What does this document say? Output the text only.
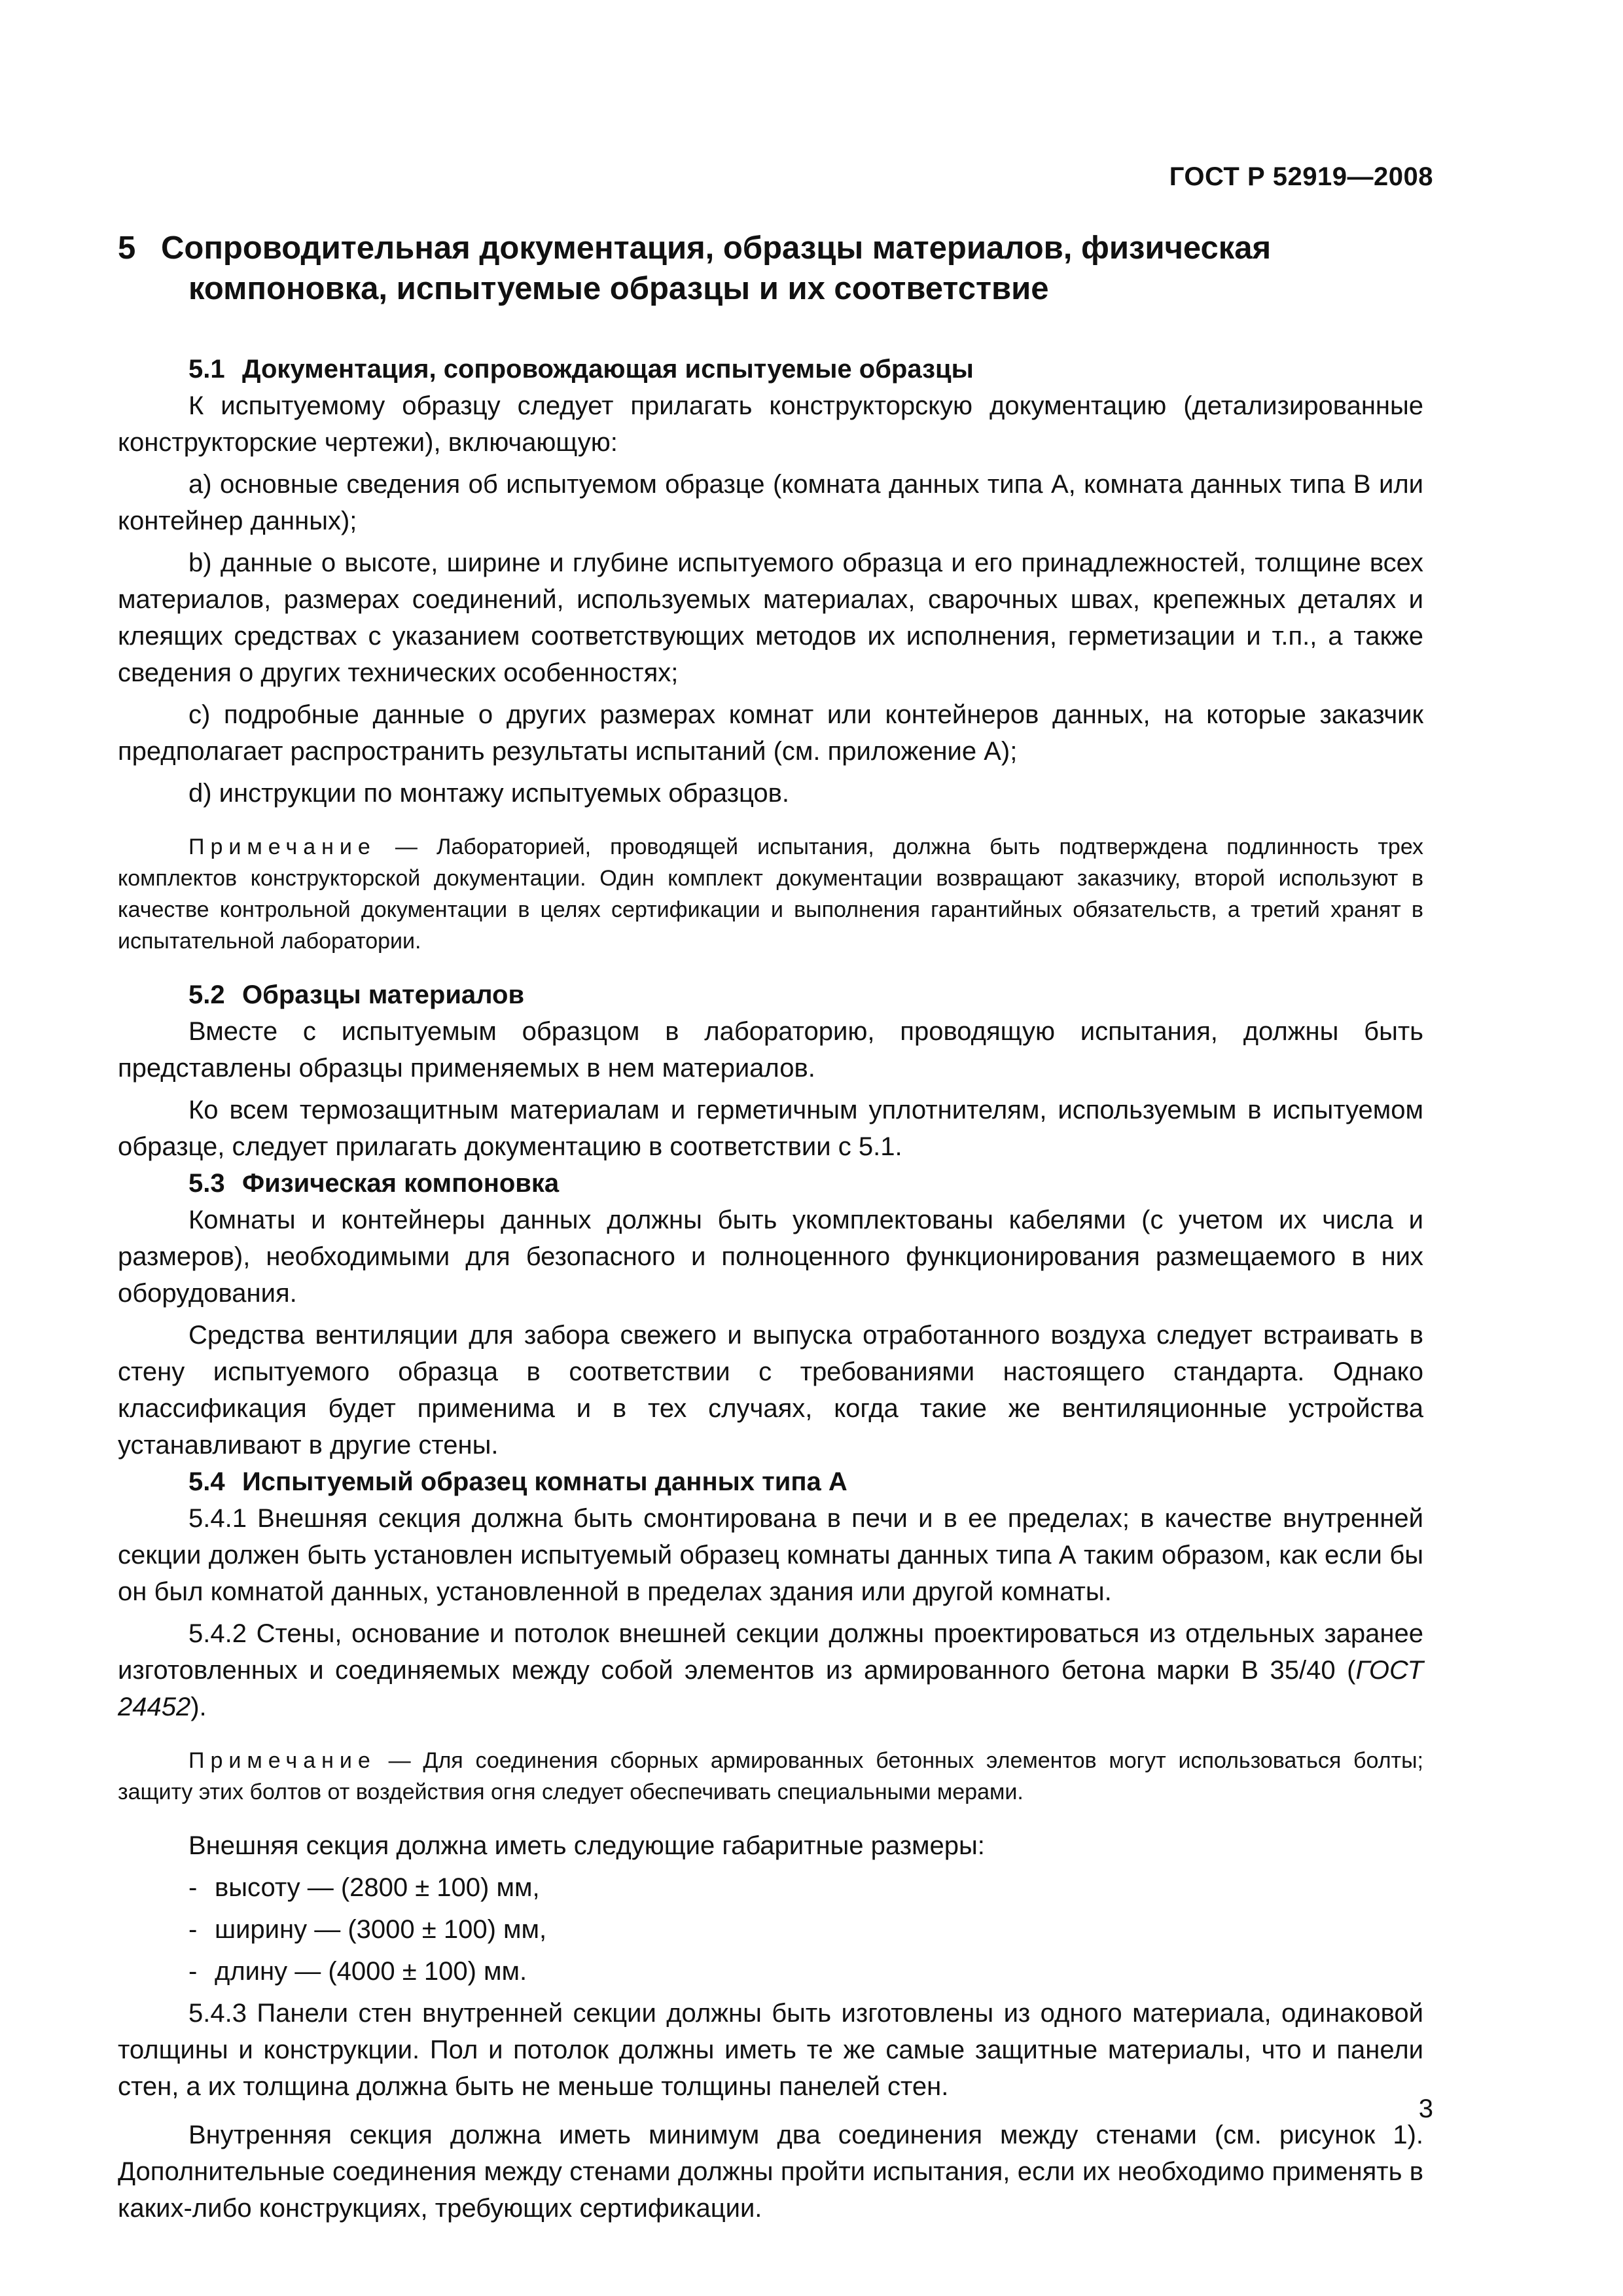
ГОСТ Р 52919—2008
5 Сопроводительная документация, образцы материалов, физическая компоновка, испытуемые образцы и их соответствие
5.1 Документация, сопровождающая испытуемые образцы

К испытуемому образцу следует прилагать конструкторскую документацию (детализированные конструкторские чертежи), включающую:

а) основные сведения об испытуемом образце (комната данных типа А, комната данных типа В или контейнер данных);

b) данные о высоте, ширине и глубине испытуемого образца и его принадлежностей, толщине всех материалов, размерах соединений, используемых материалах, сварочных швах, крепежных деталях и клеящих средствах с указанием соответствующих методов их исполнения, герметизации и т.п., а также сведения о других технических особенностях;

с) подробные данные о других размерах комнат или контейнеров данных, на которые заказчик предполагает распространить результаты испытаний (см. приложение А);

d) инструкции по монтажу испытуемых образцов.

Примечание — Лабораторией, проводящей испытания, должна быть подтверждена подлинность трех комплектов конструкторской документации. Один комплект документации возвращают заказчику, второй используют в качестве контрольной документации в целях сертификации и выполнения гарантийных обязательств, а третий хранят в испытательной лаборатории.

5.2 Образцы материалов

Вместе с испытуемым образцом в лабораторию, проводящую испытания, должны быть представлены образцы применяемых в нем материалов.

Ко всем термозащитным материалам и герметичным уплотнителям, используемым в испытуемом образце, следует прилагать документацию в соответствии с 5.1.

5.3 Физическая компоновка

Комнаты и контейнеры данных должны быть укомплектованы кабелями (с учетом их числа и размеров), необходимыми для безопасного и полноценного функционирования размещаемого в них оборудования.

Средства вентиляции для забора свежего и выпуска отработанного воздуха следует встраивать в стену испытуемого образца в соответствии с требованиями настоящего стандарта. Однако классификация будет применима и в тех случаях, когда такие же вентиляционные устройства устанавливают в другие стены.

5.4 Испытуемый образец комнаты данных типа А

5.4.1 Внешняя секция должна быть смонтирована в печи и в ее пределах; в качестве внутренней секции должен быть установлен испытуемый образец комнаты данных типа А таким образом, как если бы он был комнатой данных, установленной в пределах здания или другой комнаты.

5.4.2 Стены, основание и потолок внешней секции должны проектироваться из отдельных заранее изготовленных и соединяемых между собой элементов из армированного бетона марки В 35/40 (ГОСТ 24452).

Примечание — Для соединения сборных армированных бетонных элементов могут использоваться болты; защиту этих болтов от воздействия огня следует обеспечивать специальными мерами.

Внешняя секция должна иметь следующие габаритные размеры:

- высоту — (2800 ± 100) мм,

- ширину — (3000 ± 100) мм,

- длину — (4000 ± 100) мм.

5.4.3 Панели стен внутренней секции должны быть изготовлены из одного материала, одинаковой толщины и конструкции. Пол и потолок должны иметь те же самые защитные материалы, что и панели стен, а их толщина должна быть не меньше толщины панелей стен.

Внутренняя секция должна иметь минимум два соединения между стенами (см. рисунок 1). Дополнительные соединения между стенами должны пройти испытания, если их необходимо применять в каких-либо конструкциях, требующих сертификации.

3
